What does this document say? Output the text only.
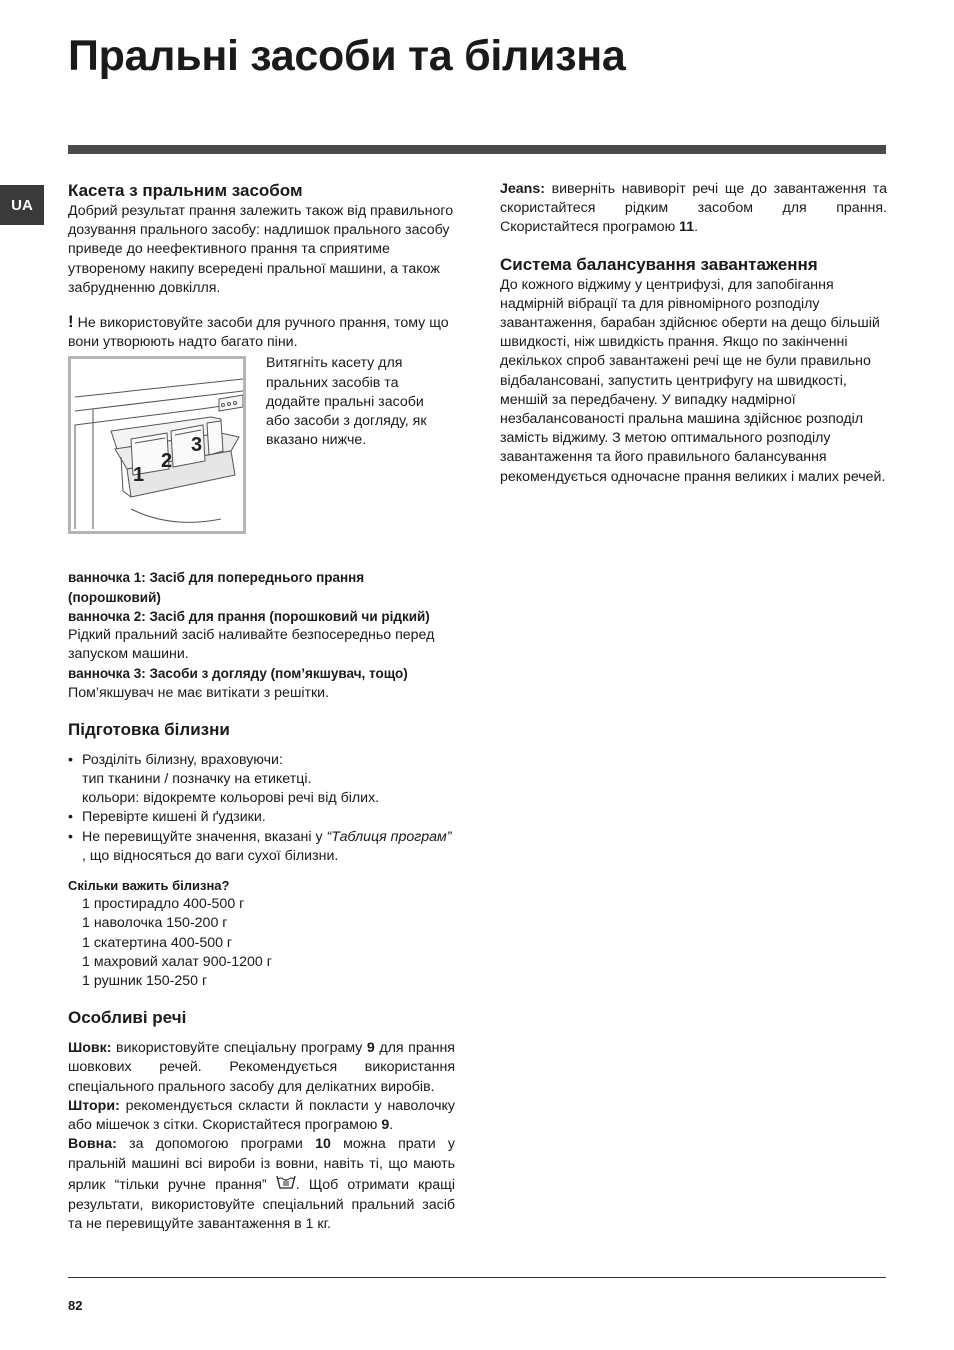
Пральні засоби та білизна
UA
Касета з пральним засобом

Добрий результат прання залежить також від правильного дозування прального засобу: надлишок прального засобу приведе до неефективного прання та сприятиме утвореному накипу всередені пральної машини, а також забрудненню довкілля.

! Не використовуйте засоби для ручного прання, тому що вони утворюють надто багато піни.

1
2
3

Витягніть касету для пральних засобів та додайте пральні засоби або засоби з догляду, як вказано нижче.

ванночка 1: Засіб для попереднього прання (порошковий)

ванночка 2: Засіб для прання (порошковий чи рідкий)

Рідкий пральний засіб наливайте безпосередньо перед запуском машини.

ванночка 3: Засоби з догляду (пом’якшувач, тощо)

Пом’якшувач не має витікати з решітки.

Підготовка білизни
• Розділіть білизну, враховуючи:
тип тканини / позначку на етикетці.
кольори: відокремте кольорові речі від білих.
• Перевірте кишені й ґудзики.
• Не перевищуйте значення, вказані у “Таблиця програм” , що відносяться до ваги сухої білизни.

Скільки важить білизна?

1 простирадло 400-500 г
1 наволочка 150-200 г
1 скатертина 400-500 г
1 махровий халат 900-1200 г
1 рушник 150-250 г
Особливі речі

Шовк: використовуйте спеціальну програму 9 для прання шовкових речей. Рекомендується використання спеціального прального засобу для делікатних виробів.

Штори: рекомендується скласти й покласти у наволочку або мішечок з сітки. Скористайтеся програмою 9.

Вовна: за допомогою програми 10 можна прати у пральній машині всі вироби із вовни, навіть ті, що мають ярлик “тільки ручне прання” . Щоб отримати кращі результати, використовуйте спеціальний пральний засіб та не перевищуйте завантаження в 1 кг.

Jeans: виверніть навиворіт речі ще до завантаження та скористайтеся рідким засобом для прання. Скористайтеся програмою 11.

Система балансування завантаження

До кожного віджиму у центрифузі, для запобігання надмірній вібрації та для рівномірного розподілу завантаження, барабан здійснює оберти на дещо більшій швидкості, ніж швидкість прання. Якщо по закінченні декількох спроб завантажені речі ще не були правильно відбалансовані, запустить центрифугу на швидкості, меншій за передбачену. У випадку надмірної незбалансованості пральна машина здійснює розподіл замість віджиму. З метою оптимального розподілу завантаження та його правильного балансування рекомендується одночасне прання великих і малих речей.

82
